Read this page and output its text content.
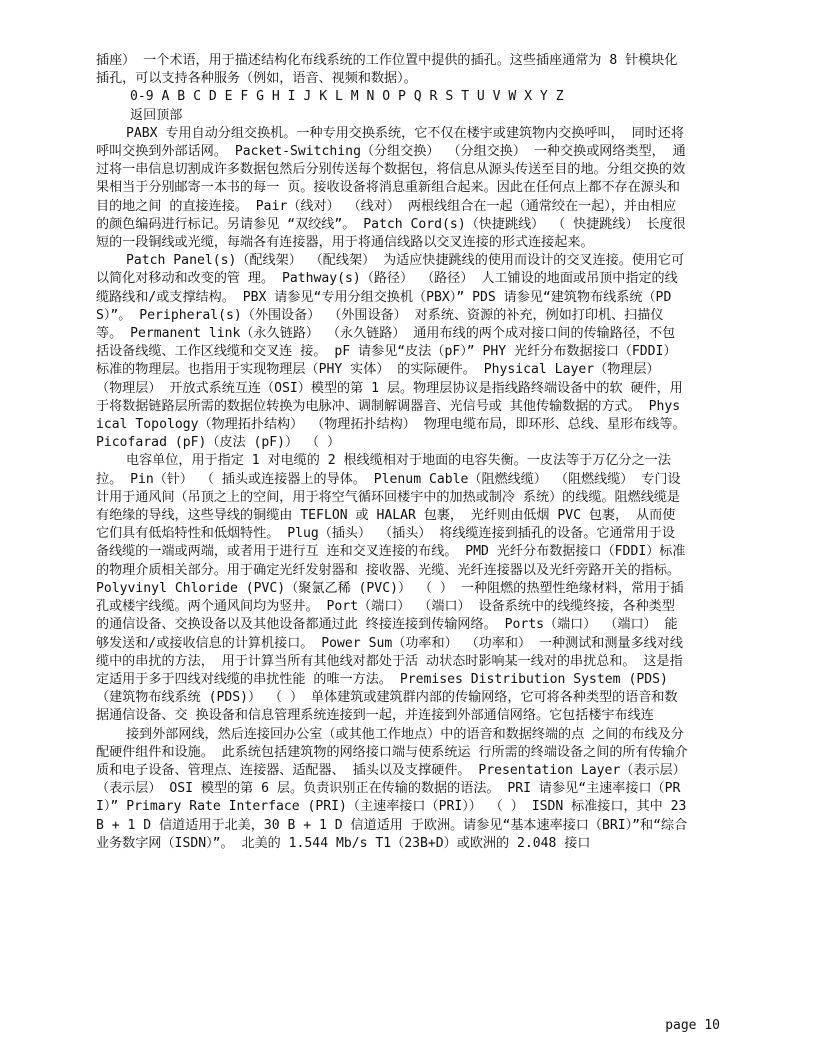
插座） 一个术语，用于描述结构化布线系统的工作位置中提供的插孔。这些插座通常为 8 针模块化插孔，可以支持各种服务（例如，语音、视频和数据）。

0-9 A B C D E F G H I J K L M N O P Q R S T U V W X Y Z

返回顶部

PABX 专用自动分组交换机。一种专用交换系统，它不仅在楼宇或建筑物内交换呼叫， 同时还将呼叫交换到外部话网。 Packet-Switching（分组交换） （分组交换） 一种交换或网络类型， 通过将一串信息切割成许多数据包然后分别传送每个数据包，将信息从源头传送至目的地。分组交换的效果相当于分别邮寄一本书的每一 页。接收设备将消息重新组合起来。因此在任何点上都不存在源头和目的地之间 的直接连接。 Pair（线对） （线对） 两根线组合在一起（通常绞在一起），并由相应的颜色编码进行标记。另请参见 “双绞线”。 Patch Cord(s)（快捷跳线） （ 快捷跳线） 长度很短的一段铜线或光缆，每端各有连接器，用于将通信线路以交叉连接的形式连接起来。

Patch Panel(s)（配线架） （配线架） 为适应快捷跳线的使用而设计的交叉连接。使用它可以简化对移动和改变的管 理。 Pathway(s)（路径） （路径） 人工铺设的地面或吊顶中指定的线缆路线和/或支撑结构。 PBX 请参见“专用分组交换机（PBX）” PDS 请参见“建筑物布线系统（PDS）”。 Peripheral(s)（外围设备） （外围设备） 对系统、资源的补充，例如打印机、扫描仪等。 Permanent link（永久链路） （永久链路） 通用布线的两个成对接口间的传输路径，不包括设备线缆、工作区线缆和交叉连 接。 pF 请参见“皮法（pF）” PHY 光纤分布数据接口（FDDI）标准的物理层。也指用于实现物理层（PHY 实体） 的实际硬件。 Physical Layer（物理层） （物理层） 开放式系统互连（OSI）模型的第 1 层。物理层协议是指线路终端设备中的软 硬件，用于将数据链路层所需的数据位转换为电脉冲、调制解调器音、光信号或 其他传输数据的方式。 Physical Topology（物理拓扑结构） （物理拓扑结构） 物理电缆布局，即环形、总线、星形布线等。 Picofarad (pF)（皮法 (pF)） （ ）

电容单位，用于指定 1 对电缆的 2 根线缆相对于地面的电容失衡。一皮法等于万亿分之一法拉。 Pin（针） （ 插头或连接器上的导体。 Plenum Cable（阻燃线缆） （阻燃线缆） 专门设计用于通风间（吊顶之上的空间，用于将空气循环回楼宇中的加热或制冷 系统）的线缆。阻燃线缆是有绝缘的导线，这些导线的铜缆由 TEFLON 或 HALAR 包裹， 光纤则由低烟 PVC 包裹， 从而使它们具有低焰特性和低烟特性。 Plug（插头） （插头） 将线缆连接到插孔的设备。它通常用于设备线缆的一端或两端，或者用于进行互 连和交叉连接的布线。 PMD 光纤分布数据接口（FDDI）标准的物理介质相关部分。用于确定光纤发射器和 接收器、光缆、光纤连接器以及光纤旁路开关的指标。 Polyvinyl Chloride (PVC)（聚氯乙稀 (PVC)） （ ） 一种阻燃的热塑性绝缘材料，常用于插孔或楼宇线缆。两个通风间均为竖井。 Port（端口） （端口） 设备系统中的线缆终接，各种类型的通信设备、交换设备以及其他设备都通过此 终接连接到传输网络。 Ports（端口） （端口） 能够发送和/或接收信息的计算机接口。 Power Sum（功率和） （功率和） 一种测试和测量多线对线缆中的串扰的方法， 用于计算当所有其他线对都处于活 动状态时影响某一线对的串扰总和。 这是指定适用于多于四线对线缆的串扰性能 的唯一方法。 Premises Distribution System (PDS)（建筑物布线系统 (PDS)） （ ） 单体建筑或建筑群内部的传输网络，它可将各种类型的语音和数据通信设备、交 换设备和信息管理系统连接到一起，并连接到外部通信网络。它包括楼宇布线连

接到外部网线，然后连接回办公室（或其他工作地点）中的语音和数据终端的点 之间的布线及分配硬件组件和设施。 此系统包括建筑物的网络接口端与使系统运 行所需的终端设备之间的所有传输介质和电子设备、管理点、连接器、适配器、 插头以及支撑硬件。 Presentation Layer（表示层） （表示层） OSI 模型的第 6 层。负责识别正在传输的数据的语法。 PRI 请参见“主速率接口（PRI）” Primary Rate Interface (PRI)（主速率接口（PRI）） （ ） ISDN 标准接口，其中 23 B + 1 D 信道适用于北美，30 B + 1 D 信道适用 于欧洲。请参见“基本速率接口（BRI）”和“综合业务数字网（ISDN）”。 北美的 1.544 Mb/s T1（23B+D）或欧洲的 2.048 接口

page 10
